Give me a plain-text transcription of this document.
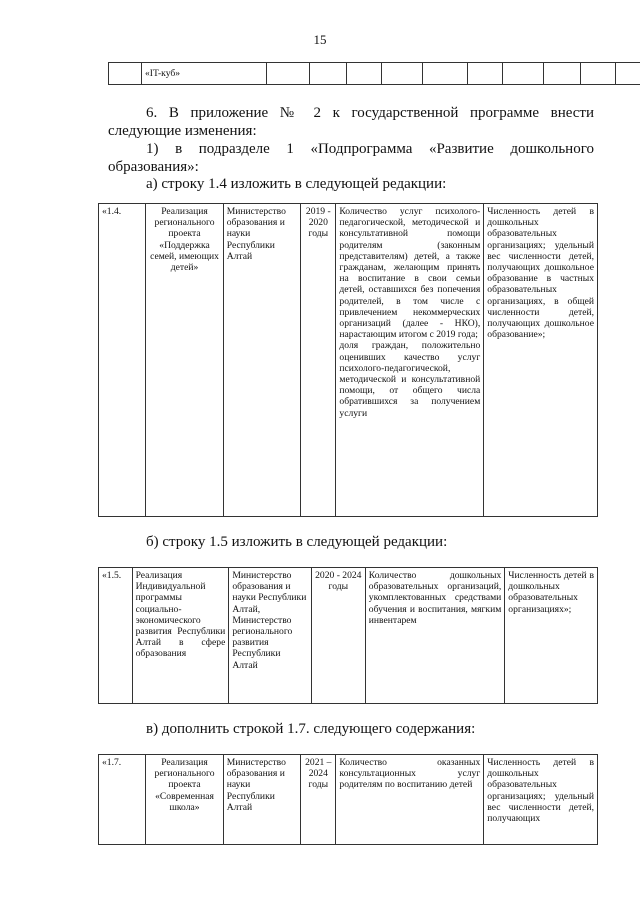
15
	«IT-куб»											
6. В приложение № 2 к государственной программе внести следующие изменения:
1) в подразделе 1 «Подпрограмма «Развитие дошкольного образования»:
а) строку 1.4 изложить в следующей редакции:
«1.4.	Реализация регионального проекта «Поддержка семей, имеющих детей»	Министерство образования и науки Республики Алтай	2019 - 2020 годы	Количество услуг психолого-педагогической, методической и консультативной помощи родителям (законным представителям) детей, а также гражданам, желающим принять на воспитание в свои семьи детей, оставшихся без попечения родителей, в том числе с привлечением некоммерческих организаций (далее - НКО), нарастающим итогом с 2019 года;
доля граждан, положительно оценивших качество услуг психолого-педагогической, методической и консультативной помощи, от общего числа обратившихся за получением услуги	Численность детей в дошкольных образовательных организациях; удельный вес численности детей, получающих дошкольное образование в частных образовательных организациях, в общей численности детей, получающих дошкольное образование»;
б) строку 1.5 изложить в следующей редакции:
«1.5.	Реализация Индивидуальной программы социально-экономического развития Республики Алтай в сфере образования	Министерство образования и науки Республики Алтай, Министерство регионального развития Республики Алтай	2020 - 2024 годы	Количество дошкольных образовательных организаций, укомплектованных средствами обучения и воспитания, мягким инвентарем	Численность детей в дошкольных образовательных организациях»;
в) дополнить строкой 1.7. следующего содержания:
«1.7.	Реализация регионального проекта «Современная школа»	Министерство образования и науки Республики Алтай	2021 – 2024 годы	Количество оказанных консультационных услуг родителям по воспитанию детей	Численность детей в дошкольных образовательных организациях; удельный вес численности детей, получающих
